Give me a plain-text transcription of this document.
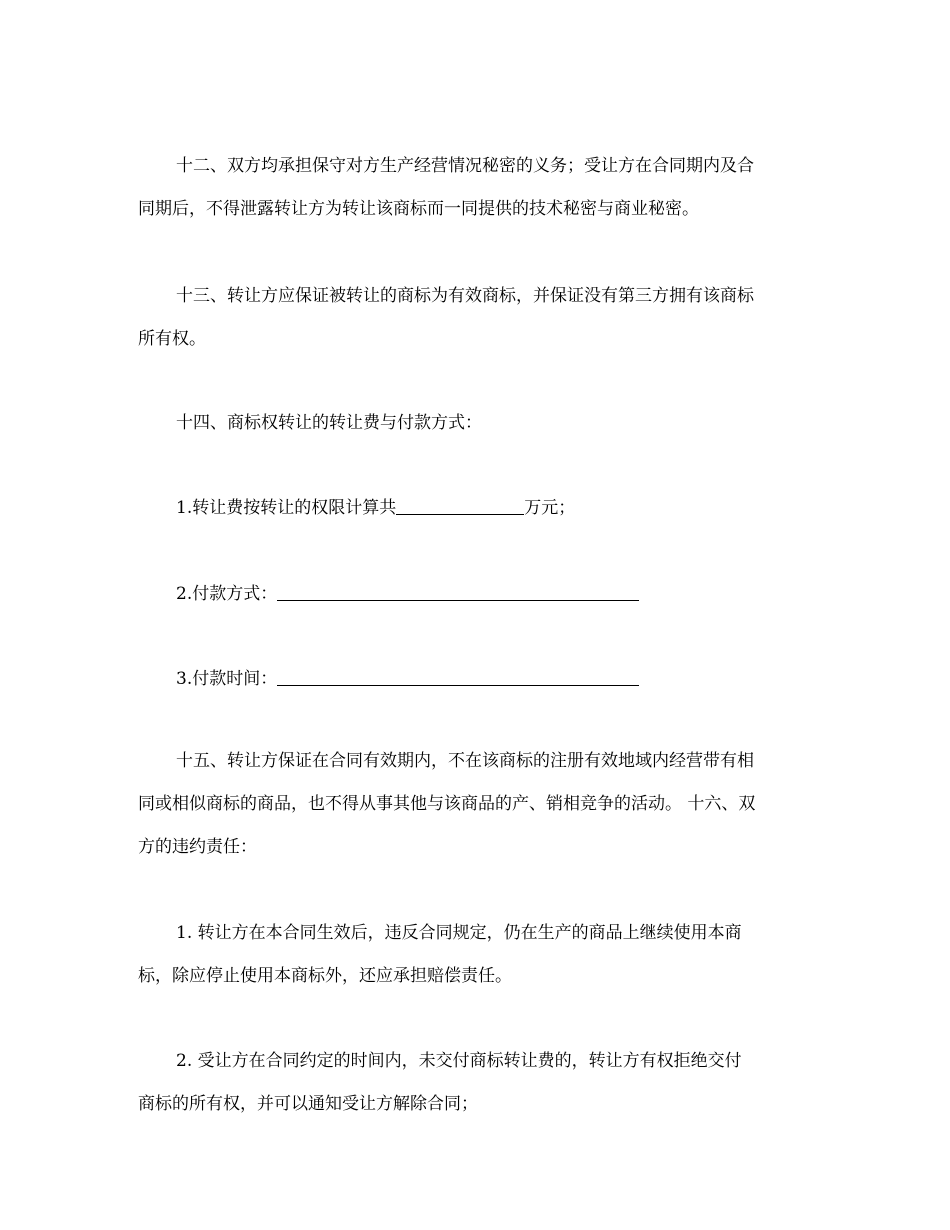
十二、双方均承担保守对方生产经营情况秘密的义务；受让方在合同期内及合
同期后，不得泄露转让方为转让该商标而一同提供的技术秘密与商业秘密。
十三、转让方应保证被转让的商标为有效商标，并保证没有第三方拥有该商标
所有权。
十四、商标权转让的转让费与付款方式：
1.转让费按转让的权限计算共	万元；
2.付款方式：
3.付款时间：
十五、转让方保证在合同有效期内，不在该商标的注册有效地域内经营带有相
同或相似商标的商品，也不得从事其他与该商品的产、销相竞争的活动。 十六、双
方的违约责任：
1. 转让方在本合同生效后，违反合同规定，仍在生产的商品上继续使用本商
标，除应停止使用本商标外，还应承担赔偿责任。
2. 受让方在合同约定的时间内，未交付商标转让费的，转让方有权拒绝交付
商标的所有权，并可以通知受让方解除合同；
